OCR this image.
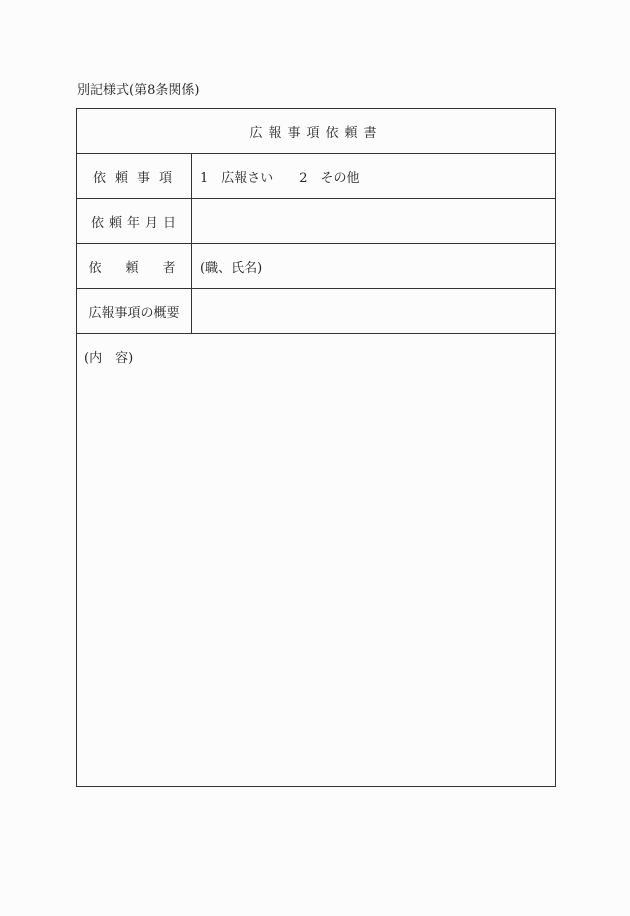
別記様式(第8条関係)
広報事項依頼書
依頼事項	1　広報さい 2　その他
依頼年月日
依頼者 (職、氏名)
広報事項の概要
(内　容)
